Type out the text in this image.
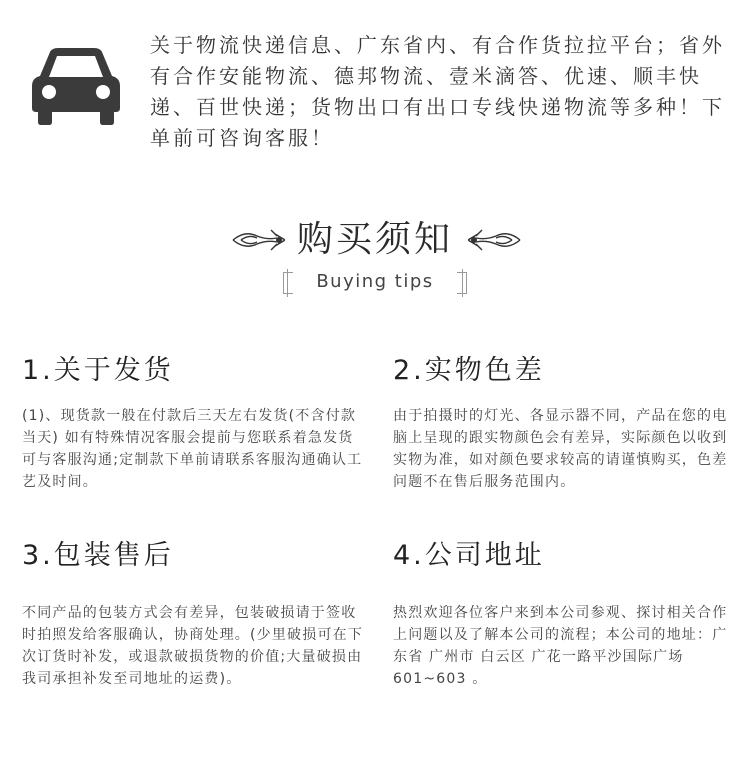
关于物流快递信息、广东省内、有合作货拉拉平台；省外有合作安能物流、德邦物流、壹米滴答、优速、顺丰快递、百世快递；货物出口有出口专线快递物流等多种！下单前可咨询客服！

购买须知
Buying tips
1.关于发货

(1)、现货款一般在付款后三天左右发货(不含付款当天) 如有特殊情况客服会提前与您联系着急发货可与客服沟通;定制款下单前请联系客服沟通确认工艺及时间。

2.实物色差

由于拍摄时的灯光、各显示器不同，产品在您的电脑上呈现的跟实物颜色会有差异，实际颜色以收到实物为准，如对颜色要求较高的请谨慎购买，色差问题不在售后服务范围内。

3.包装售后

不同产品的包装方式会有差异，包装破损请于签收时拍照发给客服确认，协商处理。(少里破损可在下次订货时补发，或退款破损货物的价值;大量破损由我司承担补发至司地址的运费)。

4.公司地址

热烈欢迎各位客户来到本公司参观、探讨相关合作上问题以及了解本公司的流程；本公司的地址：广东省 广州市 白云区 广花一路平沙国际广场601~603 。
